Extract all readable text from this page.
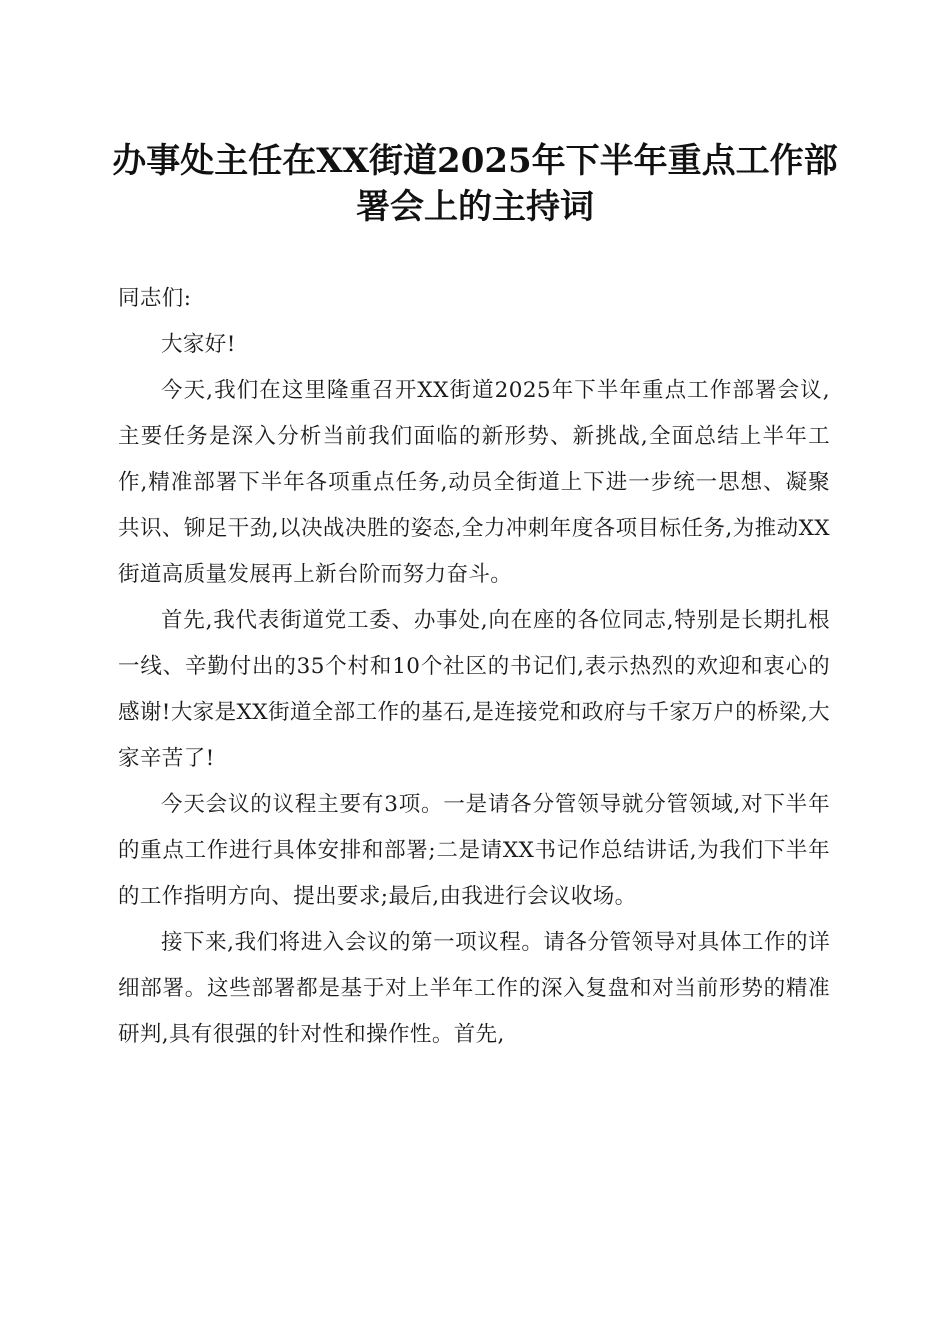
办事处主任在XX街道2025年下半年重点工作部署会上的主持词

同志们:

大家好!

今天,我们在这里隆重召开XX街道2025年下半年重点工作部署会议,主要任务是深入分析当前我们面临的新形势、新挑战,全面总结上半年工作,精准部署下半年各项重点任务,动员全街道上下进一步统一思想、凝聚共识、铆足干劲,以决战决胜的姿态,全力冲刺年度各项目标任务,为推动XX街道高质量发展再上新台阶而努力奋斗。

首先,我代表街道党工委、办事处,向在座的各位同志,特别是长期扎根一线、辛勤付出的35个村和10个社区的书记们,表示热烈的欢迎和衷心的感谢!大家是XX街道全部工作的基石,是连接党和政府与千家万户的桥梁,大家辛苦了!

今天会议的议程主要有3项。一是请各分管领导就分管领域,对下半年的重点工作进行具体安排和部署;二是请XX书记作总结讲话,为我们下半年的工作指明方向、提出要求;最后,由我进行会议收场。

接下来,我们将进入会议的第一项议程。请各分管领导对具体工作的详细部署。这些部署都是基于对上半年工作的深入复盘和对当前形势的精准研判,具有很强的针对性和操作性。首先,
